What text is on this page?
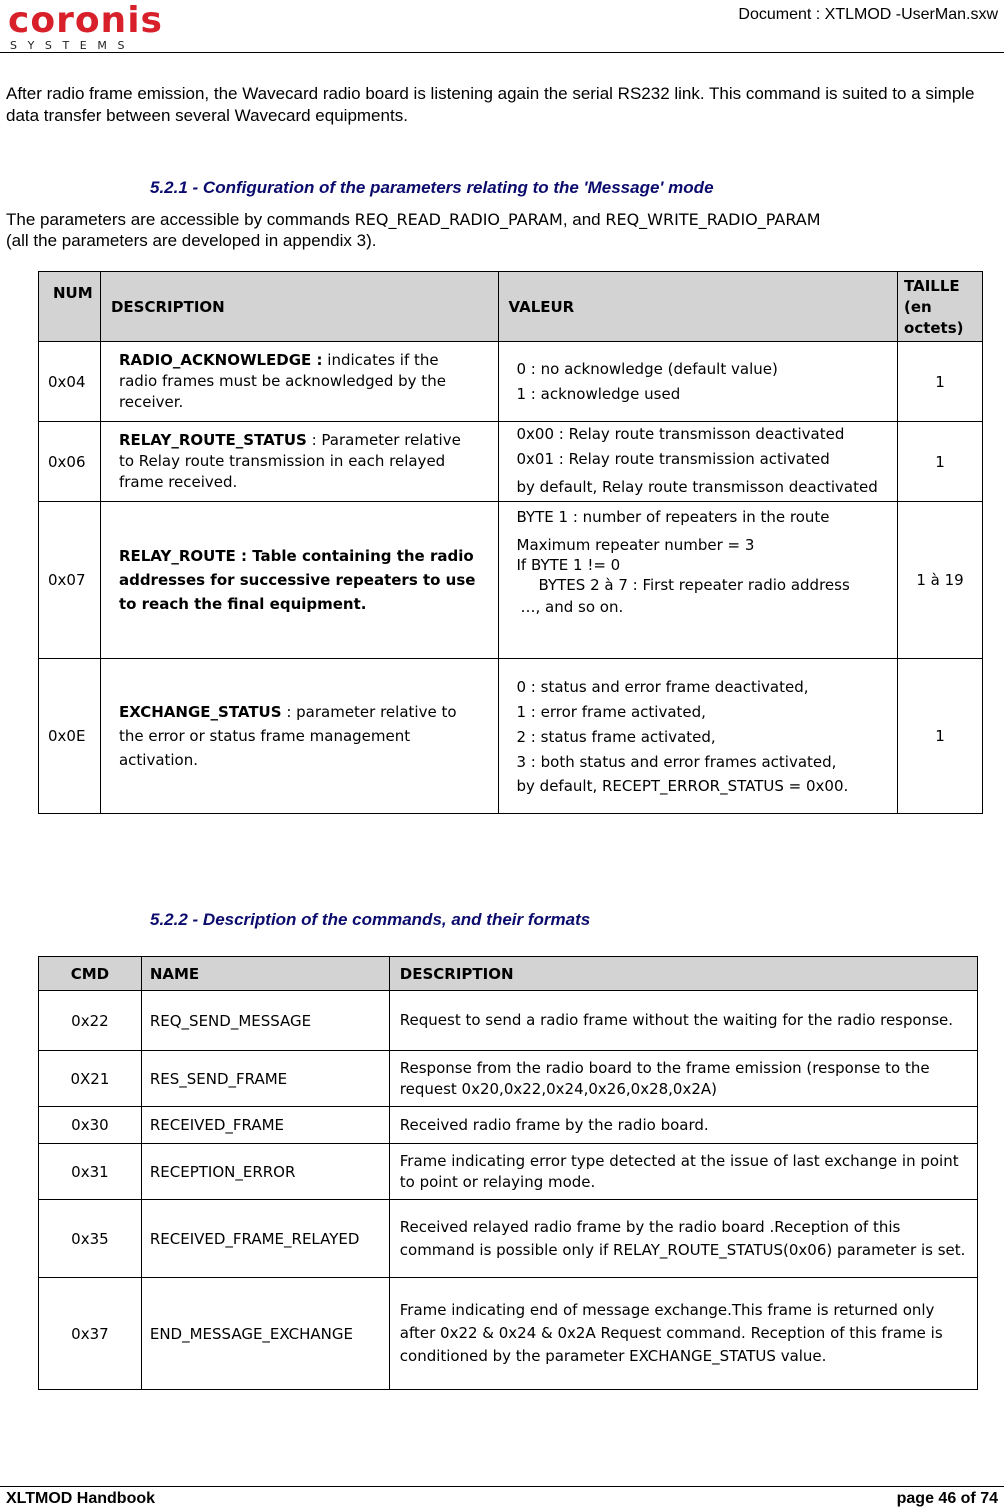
coronis
SYSTEMS
Document : XTLMOD -UserMan.sxw
After radio frame emission, the Wavecard radio board is listening again the serial RS232 link. This command is suited to a simple data transfer between several Wavecard equipments.
5.2.1 - Configuration of the parameters relating to the 'Message' mode
The parameters are accessible by commands REQ_READ_RADIO_PARAM, and REQ_WRITE_RADIO_PARAM
(all the parameters are developed in appendix 3).
NUM	DESCRIPTION	VALEUR	TAILLE (en octets)
0x04	RADIO_ACKNOWLEDGE : indicates if the radio frames must be acknowledged by the receiver.	0 : no acknowledge (default value)
1 : acknowledge used	1
0x06	RELAY_ROUTE_STATUS : Parameter relative to Relay route transmission in each relayed frame received.	0x00 : Relay route transmisson deactivated
0x01 : Relay route transmission activated
by default, Relay route transmisson deactivated	1
0x07	RELAY_ROUTE : Table containing the radio addresses for successive repeaters to use to reach the final equipment.	BYTE 1 : number of repeaters in the route
Maximum repeater number = 3
If BYTE 1 != 0
BYTES 2 à 7 : First repeater radio address
…, and so on.	1 à 19
0x0E	EXCHANGE_STATUS : parameter relative to the error or status frame management activation.	0 : status and error frame deactivated,
1 : error frame activated,
2 : status frame activated,
3 : both status and error frames activated,
by default, RECEPT_ERROR_STATUS = 0x00.	1
5.2.2 - Description of the commands, and their formats
CMD	NAME	DESCRIPTION
0x22	REQ_SEND_MESSAGE	Request to send a radio frame without the waiting for the radio response.
0X21	RES_SEND_FRAME	Response from the radio board to the frame emission (response to the request 0x20,0x22,0x24,0x26,0x28,0x2A)
0x30	RECEIVED_FRAME	Received radio frame by the radio board.
0x31	RECEPTION_ERROR	Frame indicating error type detected at the issue of last exchange in point to point or relaying mode.
0x35	RECEIVED_FRAME_RELAYED	Received relayed radio frame by the radio board .Reception of this command is possible only if RELAY_ROUTE_STATUS(0x06) parameter is set.
0x37	END_MESSAGE_EXCHANGE	Frame indicating end of message exchange.This frame is returned only after 0x22 & 0x24 & 0x2A Request command. Reception of this frame is conditioned by the parameter EXCHANGE_STATUS value.
XLTMOD Handbook	page 46 of 74
